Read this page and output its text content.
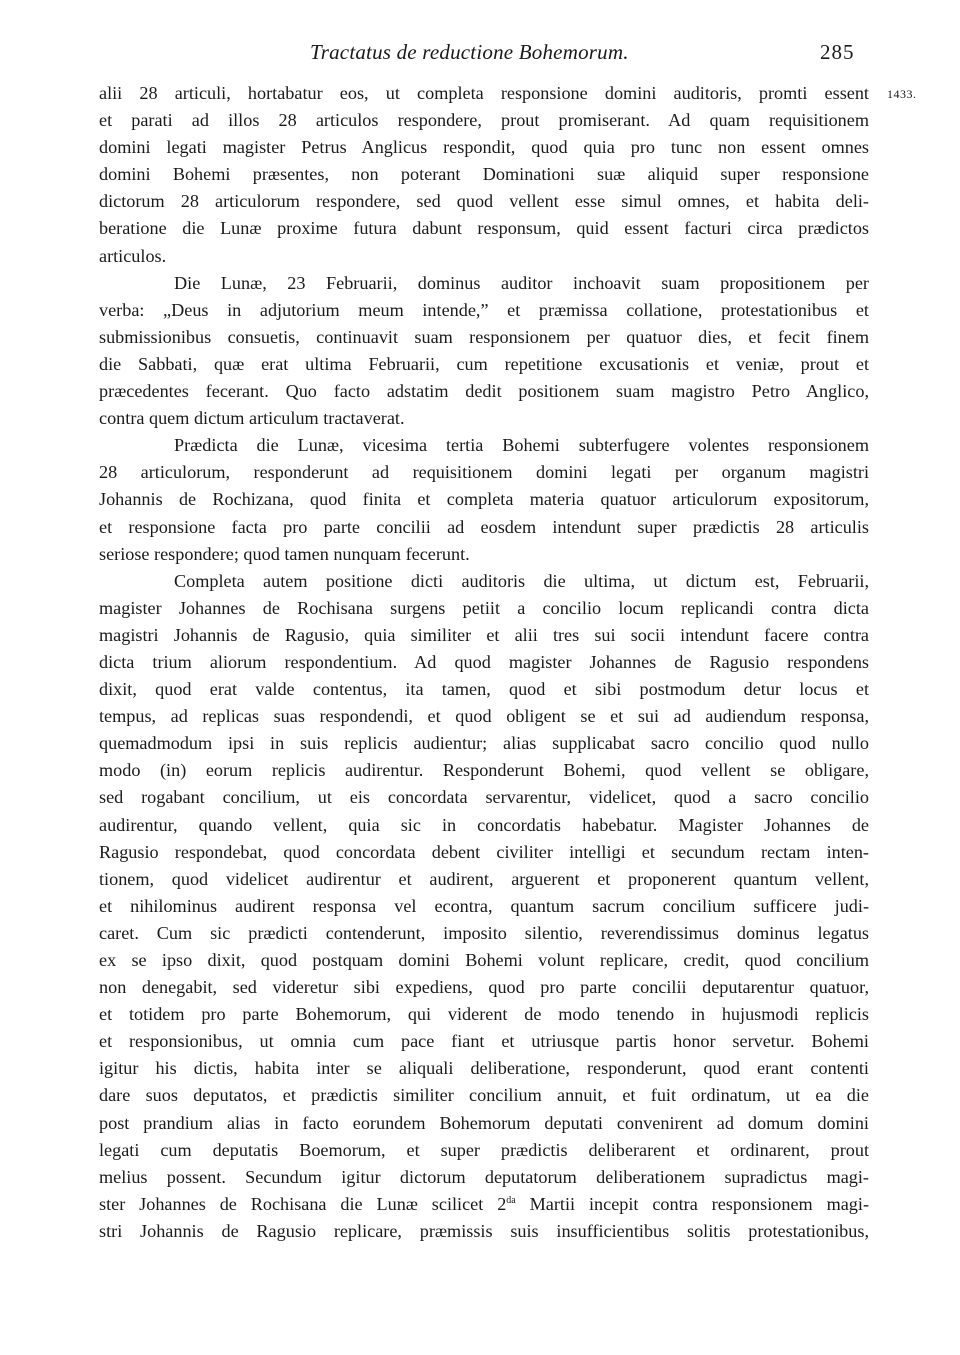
Tractatus de reductione Bohemorum.	285
1433.

alii 28 articuli, hortabatur eos, ut completa responsione domini auditoris, promti essent
et parati ad illos 28 articulos respondere, prout promiserant. Ad quam requisitionem
domini legati magister Petrus Anglicus respondit, quod quia pro tunc non essent omnes
domini Bohemi præsentes, non poterant Dominationi suæ aliquid super responsione
dictorum 28 articulorum respondere, sed quod vellent esse simul omnes, et habita deli-
beratione die Lunæ proxime futura dabunt responsum, quid essent facturi circa prædictos
articulos.

Die Lunæ, 23 Februarii, dominus auditor inchoavit suam propositionem per
verba: „Deus in adjutorium meum intende,” et præmissa collatione, protestationibus et
submissionibus consuetis, continuavit suam responsionem per quatuor dies, et fecit finem
die Sabbati, quæ erat ultima Februarii, cum repetitione excusationis et veniæ, prout et
præcedentes fecerant. Quo facto adstatim dedit positionem suam magistro Petro Anglico,
contra quem dictum articulum tractaverat.

Prædicta die Lunæ, vicesima tertia Bohemi subterfugere volentes responsionem
28 articulorum, responderunt ad requisitionem domini legati per organum magistri
Johannis de Rochizana, quod finita et completa materia quatuor articulorum expositorum,
et responsione facta pro parte concilii ad eosdem intendunt super prædictis 28 articulis
seriose respondere; quod tamen nunquam fecerunt.

Completa autem positione dicti auditoris die ultima, ut dictum est, Februarii,
magister Johannes de Rochisana surgens petiit a concilio locum replicandi contra dicta
magistri Johannis de Ragusio, quia similiter et alii tres sui socii intendunt facere contra
dicta trium aliorum respondentium. Ad quod magister Johannes de Ragusio respondens
dixit, quod erat valde contentus, ita tamen, quod et sibi postmodum detur locus et
tempus, ad replicas suas respondendi, et quod obligent se et sui ad audiendum responsa,
quemadmodum ipsi in suis replicis audientur; alias supplicabat sacro concilio quod nullo
modo (in) eorum replicis audirentur. Responderunt Bohemi, quod vellent se obligare,
sed rogabant concilium, ut eis concordata servarentur, videlicet, quod a sacro concilio
audirentur, quando vellent, quia sic in concordatis habebatur. Magister Johannes de
Ragusio respondebat, quod concordata debent civiliter intelligi et secundum rectam inten-
tionem, quod videlicet audirentur et audirent, arguerent et proponerent quantum vellent,
et nihilominus audirent responsa vel econtra, quantum sacrum concilium sufficere judi-
caret. Cum sic prædicti contenderunt, imposito silentio, reverendissimus dominus legatus
ex se ipso dixit, quod postquam domini Bohemi volunt replicare, credit, quod concilium
non denegabit, sed videretur sibi expediens, quod pro parte concilii deputarentur quatuor,
et totidem pro parte Bohemorum, qui viderent de modo tenendo in hujusmodi replicis
et responsionibus, ut omnia cum pace fiant et utriusque partis honor servetur. Bohemi
igitur his dictis, habita inter se aliquali deliberatione, responderunt, quod erant contenti
dare suos deputatos, et prædictis similiter concilium annuit, et fuit ordinatum, ut ea die
post prandium alias in facto eorundem Bohemorum deputati convenirent ad domum domini
legati cum deputatis Boemorum, et super prædictis deliberarent et ordinarent, prout
melius possent. Secundum igitur dictorum deputatorum deliberationem supradictus magi-
ster Johannes de Rochisana die Lunæ scilicet $2^{da}$ Martii incepit contra responsionem magi-
stri Johannis de Ragusio replicare, præmissis suis insufficientibus solitis protestationibus,
